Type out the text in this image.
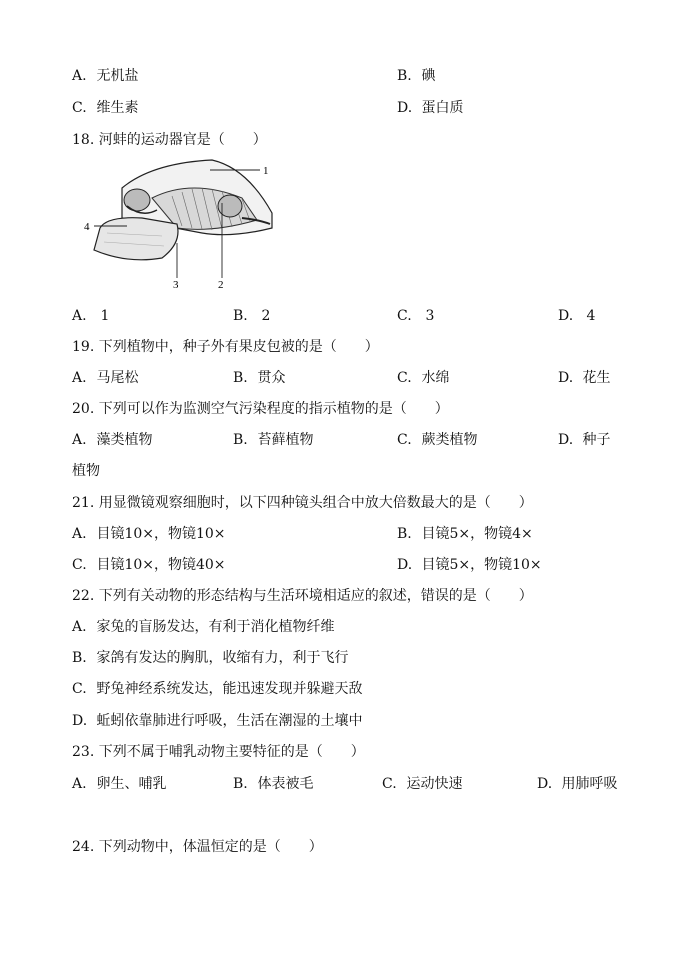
A. 无机盐	B. 碘
C. 维生素	D. 蛋白质
18. 河蚌的运动器官是（　　）
1
2
3
4
A. 1	B. 2	C. 3	D. 4
19. 下列植物中，种子外有果皮包被的是（　　）
A. 马尾松	B. 贯众	C. 水绵	D. 花生
20. 下列可以作为监测空气污染程度的指示植物的是（　　）
A. 藻类植物	B. 苔藓植物	C. 蕨类植物	D. 种子
植物
21. 用显微镜观察细胞时，以下四种镜头组合中放大倍数最大的是（　　）
A. 目镜10×，物镜10×	B. 目镜5×，物镜4×
C. 目镜10×，物镜40×	D. 目镜5×，物镜10×
22. 下列有关动物的形态结构与生活环境相适应的叙述，错误的是（　　）
A. 家兔的盲肠发达，有利于消化植物纤维
B. 家鸽有发达的胸肌，收缩有力，利于飞行
C. 野兔神经系统发达，能迅速发现并躲避天敌
D. 蚯蚓依靠肺进行呼吸，生活在潮湿的土壤中
23. 下列不属于哺乳动物主要特征的是（　　）
A. 卵生、哺乳	B. 体表被毛	C. 运动快速	D. 用肺呼吸
24. 下列动物中，体温恒定的是（　　）
